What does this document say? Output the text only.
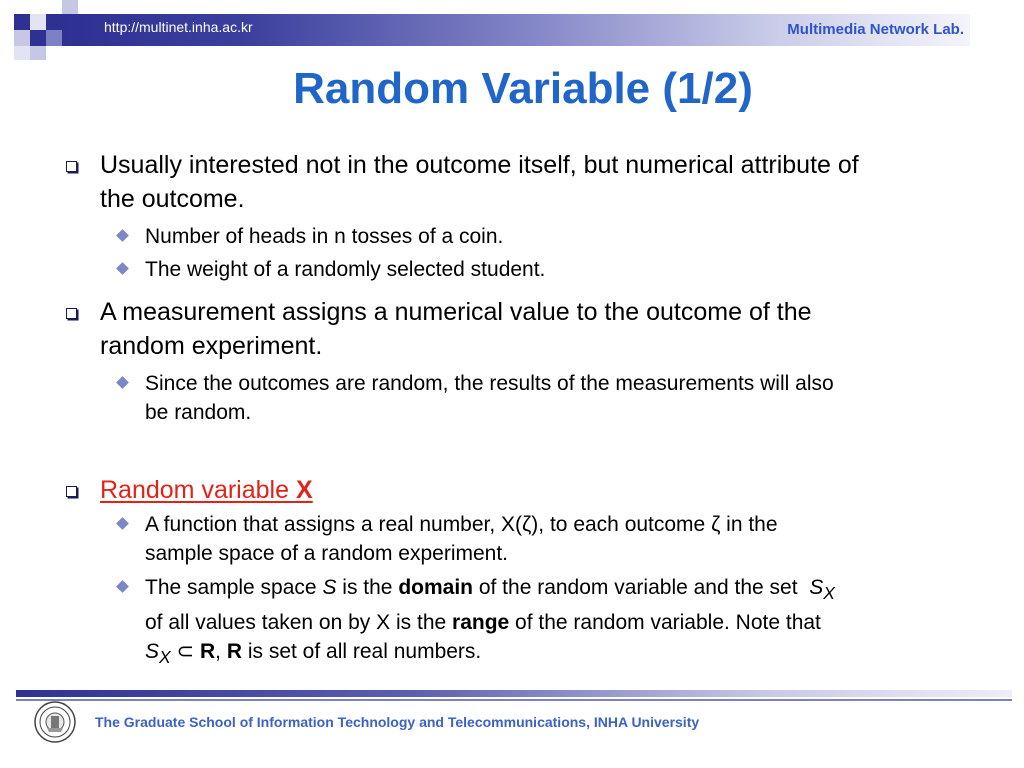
http://multinet.inha.ac.kr	Multimedia Network Lab.
Random Variable (1/2)
Usually interested not in the outcome itself, but numerical attribute of
the outcome.
Number of heads in n tosses of a coin.
The weight of a randomly selected student.
A measurement assigns a numerical value to the outcome of the
random experiment.
Since the outcomes are random, the results of the measurements will also
be random.
Random variable X
A function that assigns a real number, X(ζ), to each outcome ζ in the
sample space of a random experiment.
The sample space S is the domain of the random variable and the set  $S_X$
of all values taken on by X is the range of the random variable. Note that
$S_X$ ⊂ R, R is set of all real numbers.
The Graduate School of Information Technology and Telecommunications, INHA University
